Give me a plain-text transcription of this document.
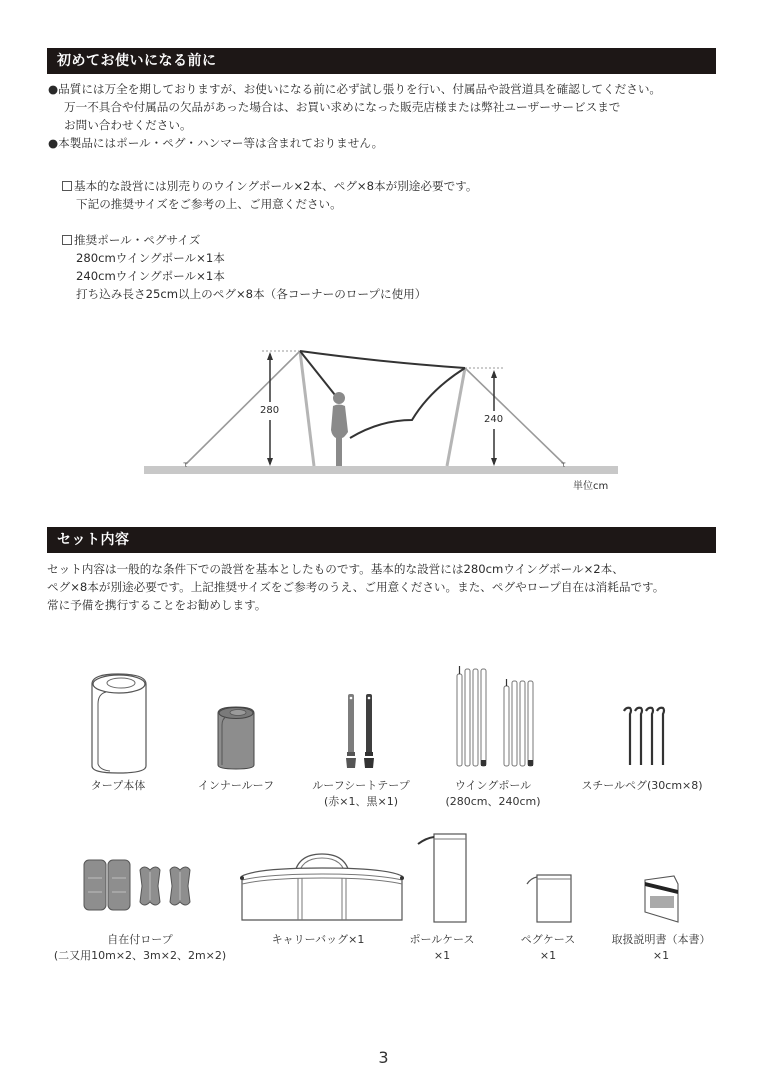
初めてお使いになる前に
●品質には万全を期しておりますが、お使いになる前に必ず試し張りを行い、付属品や設営道具を確認してください。
万一不具合や付属品の欠品があった場合は、お買い求めになった販売店様または弊社ユーザーサービスまで
お問い合わせください。
●本製品にはポール・ペグ・ハンマー等は含まれておりません。
基本的な設営には別売りのウイングポール×2本、ペグ×8本が別途必要です。
下記の推奨サイズをご参考の上、ご用意ください。
推奨ポール・ペグサイズ
280cmウイングポール×1本
240cmウイングポール×1本
打ち込み長さ25cm以上のペグ×8本（各コーナーのロープに使用）
τ	τ
280
240
単位cm
セット内容
セット内容は一般的な条件下での設営を基本としたものです。基本的な設営には280cmウイングポール×2本、
ペグ×8本が別途必要です。上記推奨サイズをご参考のうえ、ご用意ください。また、ペグやロープ自在は消耗品です。
常に予備を携行することをお勧めします。
タープ本体	インナールーフ	ルーフシートテープ
(赤×1、黒×1)
ウイングポール
(280cm、240cm)
スチールペグ(30cm×8)
自在付ロープ
(二又用10m×2、3m×2、2m×2)
キャリーバッグ×1	ポールケース
×1
ペグケース
×1
取扱説明書（本書）
×1
3
